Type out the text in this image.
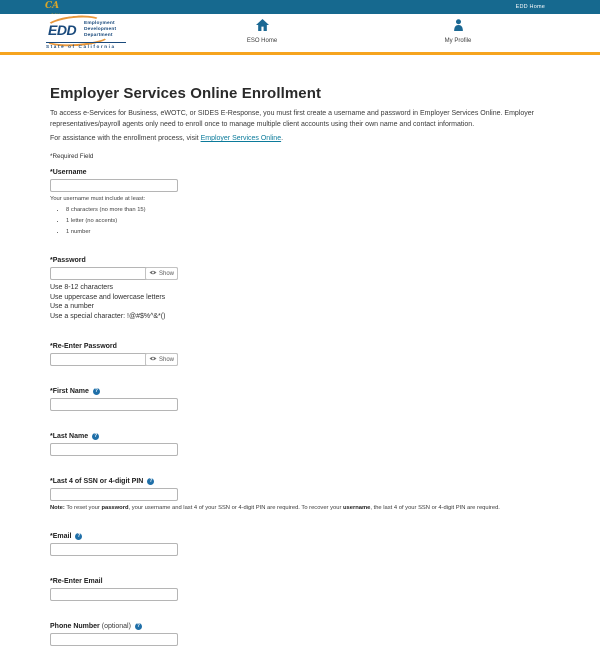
CA	EDD Home
EDD Employment
Development
Department
State of California
ESO Home	My Profile
Employer Services Online Enrollment

To access e-Services for Business, eWOTC, or SIDES E-Response, you must first create a username and password in Employer Services Online. Employer representatives/payroll agents only need to enroll once to manage multiple client accounts using their own name and contact information.

For assistance with the enrollment process, visit Employer Services Online.

*Required Field

*Username
Your username must include at least:
• 8 characters (no more than 15)
• 1 letter (no accents)
• 1 number
*Password
Show
Use 8-12 characters
Use uppercase and lowercase letters
Use a number
Use a special character: !@#$%^&*()
*Re-Enter Password
Show
*First Name	?
*Last Name	?
*Last 4 of SSN or 4-digit PIN	?
Note: To reset your password, your username and last 4 of your SSN or 4-digit PIN are required. To recover your username, the last 4 of your SSN or 4-digit PIN are required.
*Email	?
*Re-Enter Email
Phone Number (optional)	?
